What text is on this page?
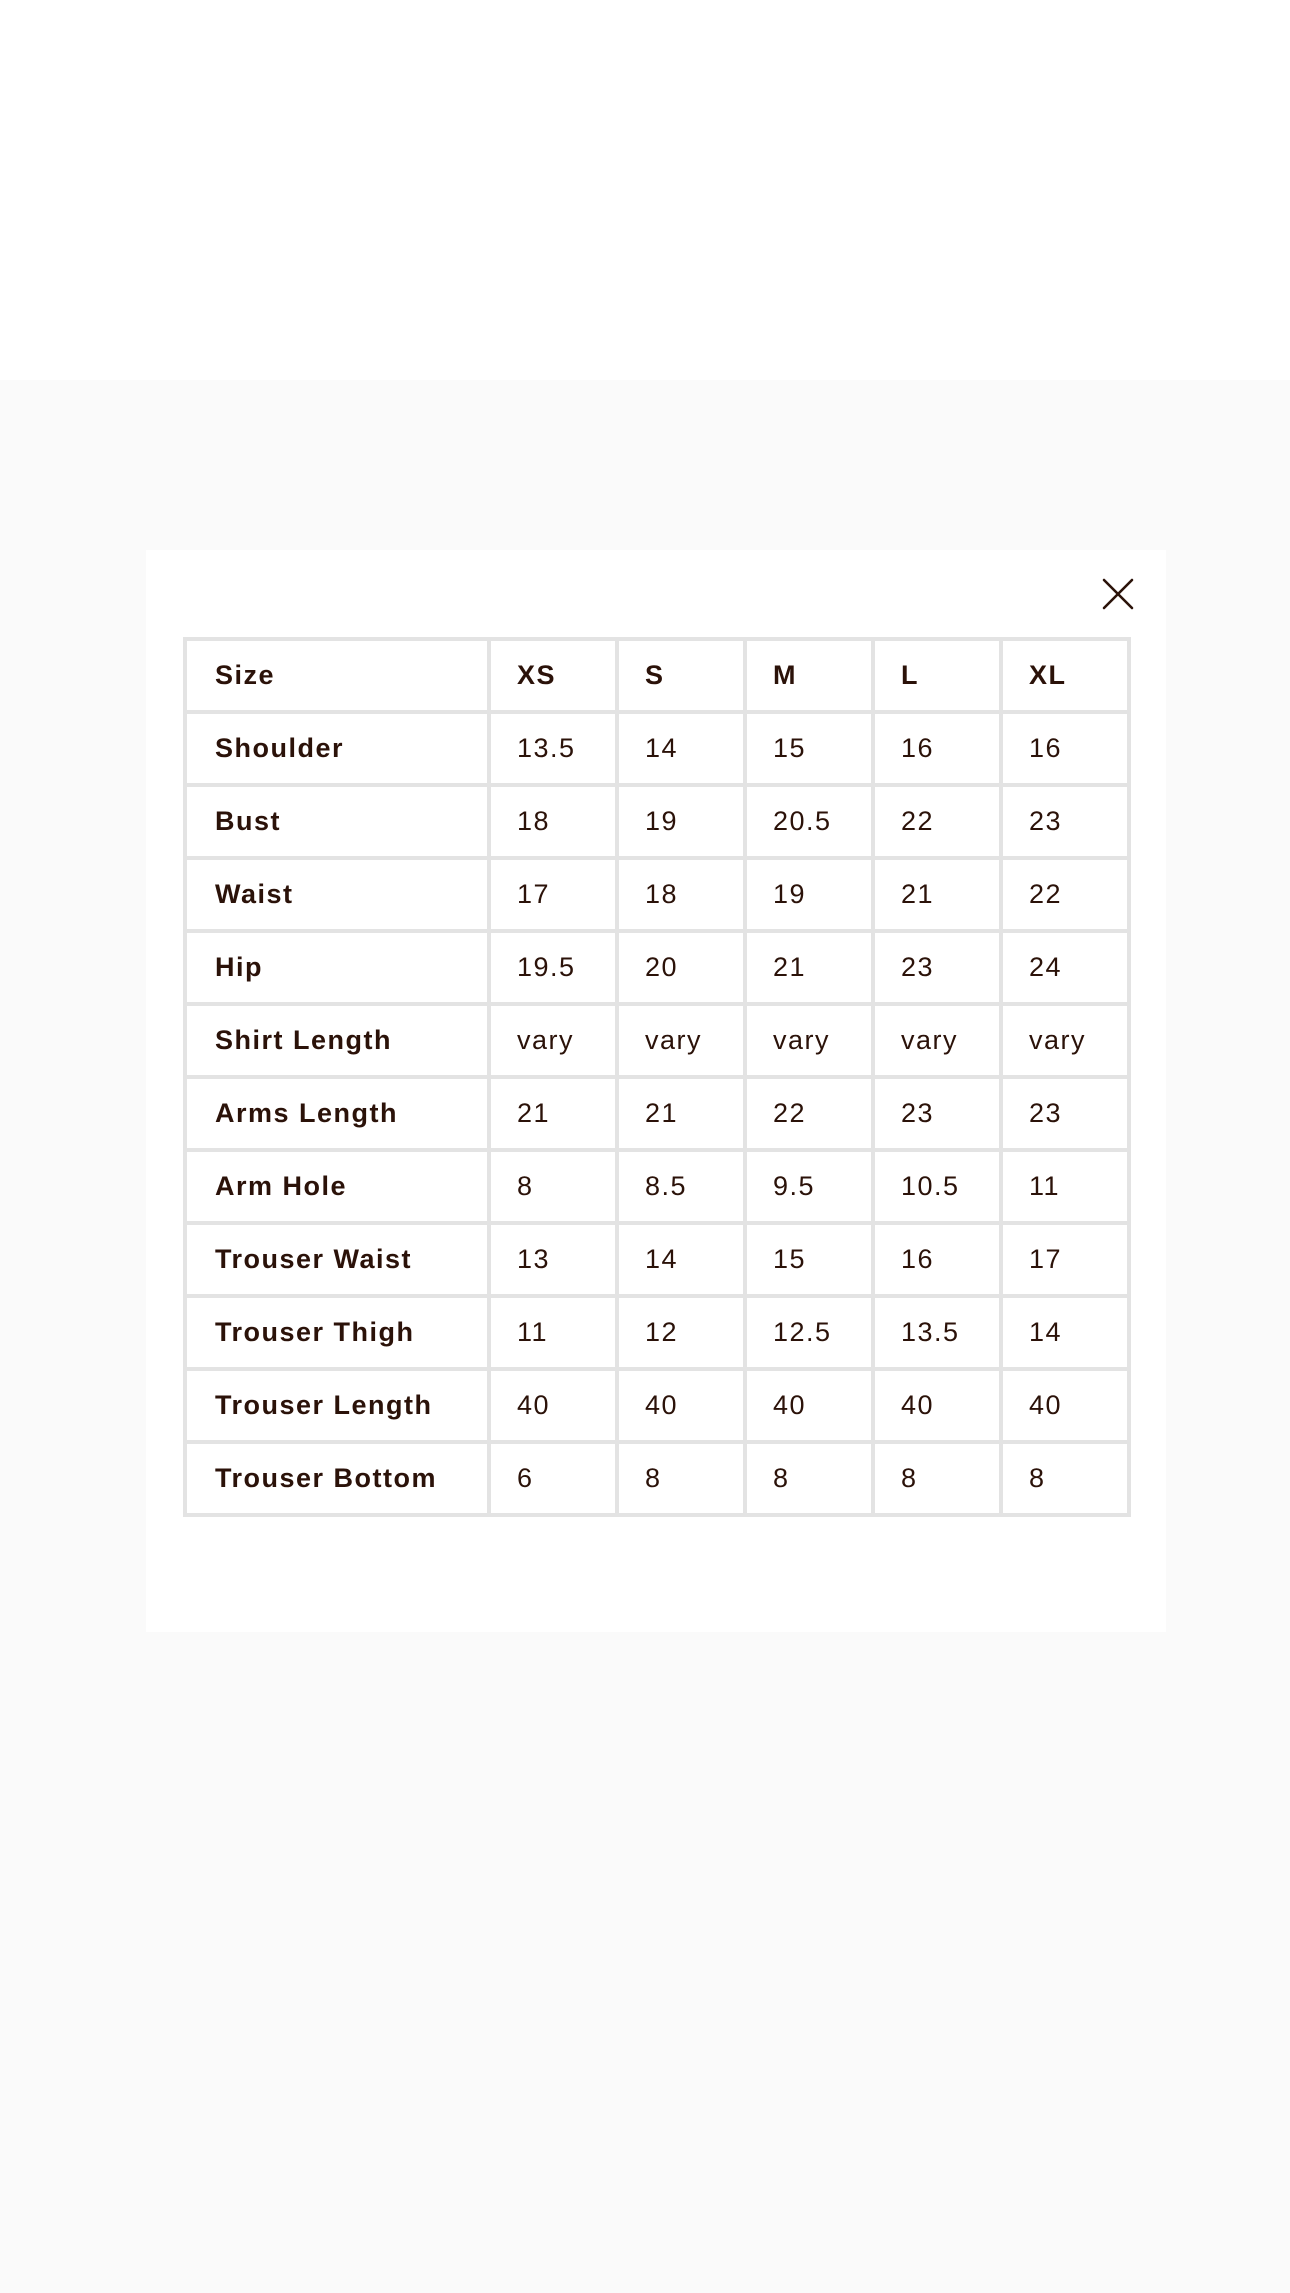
Size	XS	S	M	L	XL
Shoulder	13.5	14	15	16	16
Bust	18	19	20.5	22	23
Waist	17	18	19	21	22
Hip	19.5	20	21	23	24
Shirt Length	vary	vary	vary	vary	vary
Arms Length	21	21	22	23	23
Arm Hole	8	8.5	9.5	10.5	11
Trouser Waist	13	14	15	16	17
Trouser Thigh	11	12	12.5	13.5	14
Trouser Length	40	40	40	40	40
Trouser Bottom	6	8	8	8	8
